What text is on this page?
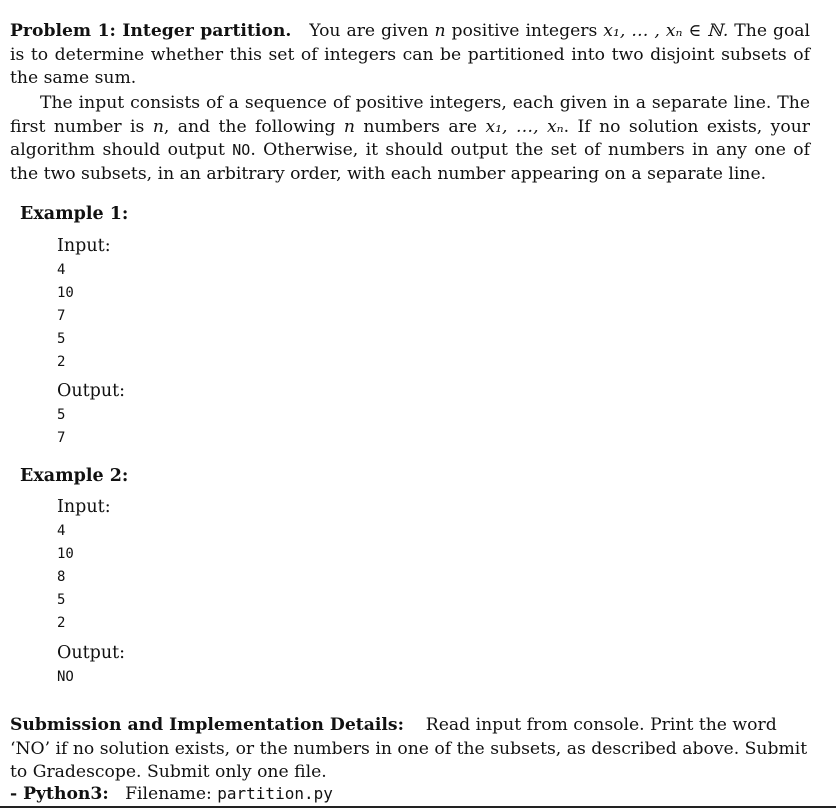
Problem 1: Integer partition. You are given n positive integers x₁, … , xₙ ∈ ℕ. The goal is to determine whether this set of integers can be partitioned into two disjoint subsets of the same sum.
The input consists of a sequence of positive integers, each given in a separate line. The first number is n, and the following n numbers are x₁, …, xₙ. If no solution exists, your algorithm should output NO. Otherwise, it should output the set of numbers in any one of the two subsets, in an arbitrary order, with each number appearing on a separate line.
Example 1:
Input:
4
10
7
5
2
Output:
5
7
Example 2:
Input:
4
10
8
5
2
Output:
NO
Submission and Implementation Details: Read input from console. Print the word ‘NO’ if no solution exists, or the numbers in one of the subsets, as described above. Submit to Gradescope. Submit only one file.
- Python3: Filename: partition.py
